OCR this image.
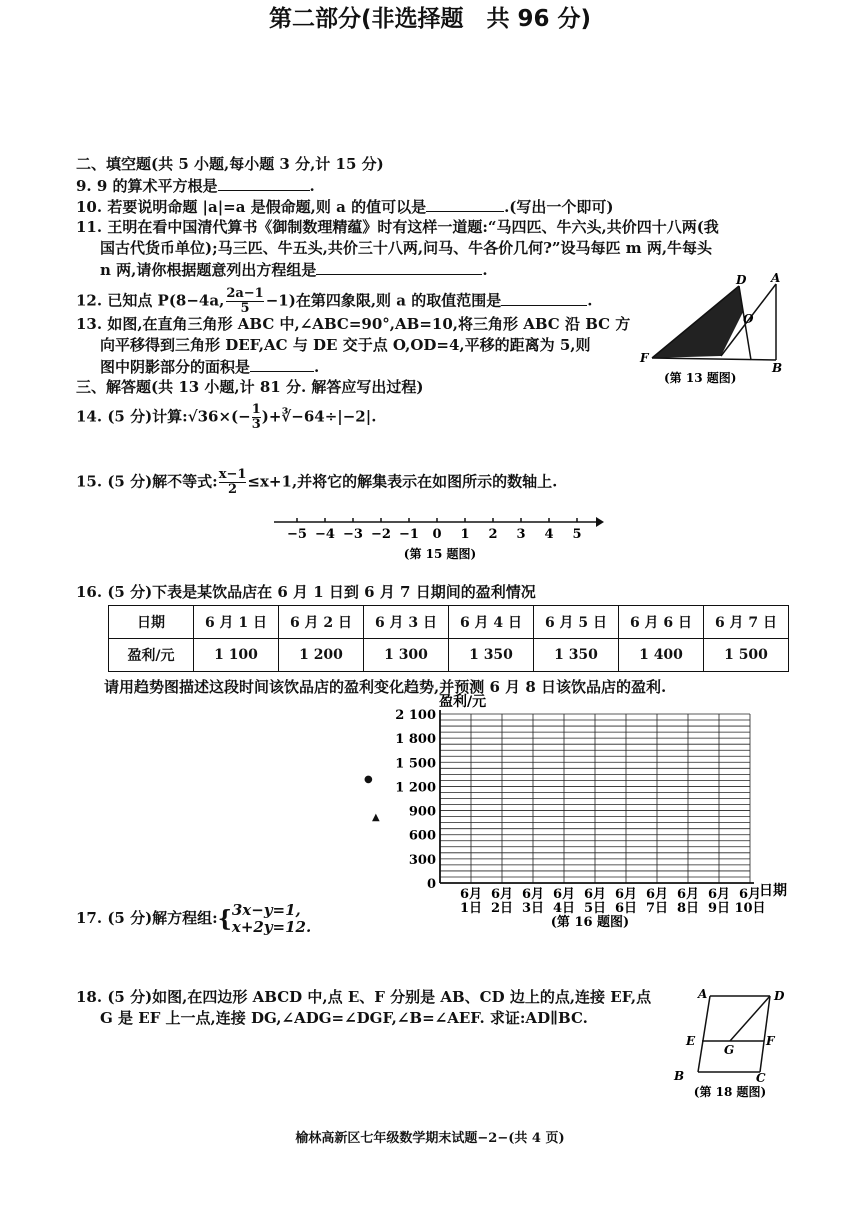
第二部分(非选择题　共 96 分)
二、填空题(共 5 小题,每小题 3 分,计 15 分)
9. 9 的算术平方根是	.
10. 若要说明命题 |a|=a 是假命题,则 a 的值可以是	.(写出一个即可)
11. 王明在看中国清代算书《御制数理精蕴》时有这样一道题:“马四匹、牛六头,共价四十八两(我
国古代货币单位);马三匹、牛五头,共价三十八两,问马、牛各价几何?”设马每匹 m 两,牛每头
n 两,请你根据题意列出方程组是	.
12. 已知点 P(8−4a, $\frac{2a-1}{5} -1$)在第四象限,则 a 的取值范围是	.
13. 如图,在直角三角形 ABC 中,∠ABC=90°,AB=10,将三角形 ABC 沿 BC 方
向平移得到三角形 DEF,AC 与 DE 交于点 O,OD=4,平移的距离为 5,则
图中阴影部分的面积是	.
D A
O
F
B
(第 13 题图)
三、解答题(共 13 小题,计 81 分. 解答应写出过程)
14. (5 分)计算:√36×(− $\frac{1}{3}$ )+∛−64÷|−2|.
15. (5 分)解不等式: $\frac{x-1}{2} \le x+1$,并将它的解集表示在如图所示的数轴上.
−5 −4 −3 −2 −1 0 1 2 3 4 5
(第 15 题图)
16. (5 分)下表是某饮品店在 6 月 1 日到 6 月 7 日期间的盈利情况
日期	6 月 1 日	6 月 2 日	6 月 3 日	6 月 4 日	6 月 5 日	6 月 6 日	6 月 7 日
盈利/元	1 100	1 200	1 300	1 350	1 350	1 400	1 500
请用趋势图描述这段时间该饮品店的盈利变化趋势,并预测 6 月 8 日该饮品店的盈利.
0
300
600
900
1 200
1 500
1 800
2 100
6月
1日
6月
2日
6月
3日
6月
4日
6月
5日
6月
6日
6月
7日
6月
8日
6月
9日
6月
10日
盈利/元
日期
(第 16 题图)
●
▲
17. (5 分)解方程组:{ 3x−y=1,
x+2y=12.
18. (5 分)如图,在四边形 ABCD 中,点 E、F 分别是 AB、CD 边上的点,连接 EF,点
G 是 EF 上一点,连接 DG,∠ADG=∠DGF,∠B=∠AEF. 求证:AD∥BC.
A	D
E
G
F
B	C
(第 18 题图)
榆林高新区七年级数学期末试题−2−(共 4 页)
